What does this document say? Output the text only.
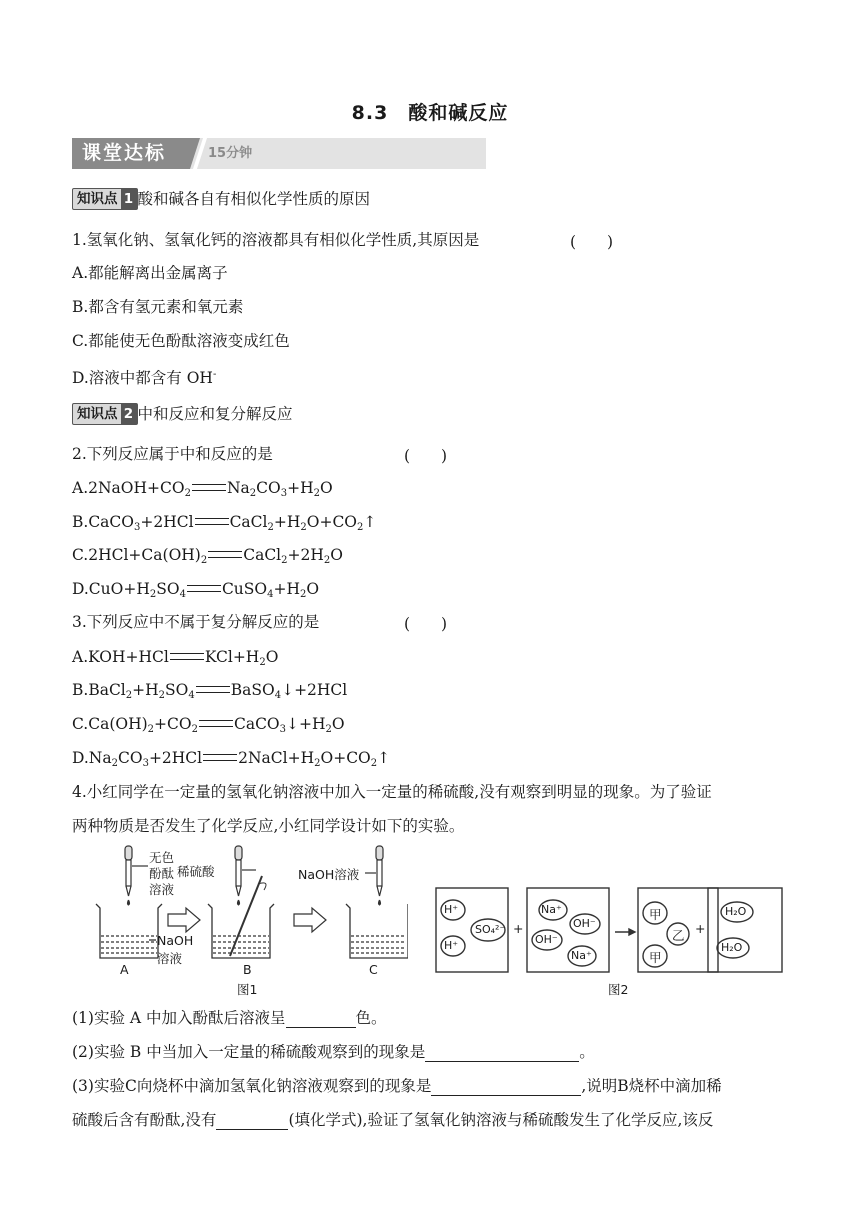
8.3　酸和碱反应
课堂达标	15分钟
知识点 1 酸和碱各自有相似化学性质的原因
1.氢氧化钠、氢氧化钙的溶液都具有相似化学性质,其原因是	(　　)
A.都能解离出金属离子
B.都含有氢元素和氧元素
C.都能使无色酚酞溶液变成红色
D.溶液中都含有 OH-
知识点 2 中和反应和复分解反应
2.下列反应属于中和反应的是	(　　)
$A.2NaOH+CO_2$ $Na_2CO_3+H_2O$
B.CaCO$_3$+2HCl $CaCl_2+H_2O+CO_2↑$
$C.2HCl+Ca(OH)_2$ $CaCl_2+2H_2O$
$D.CuO+H_2SO_4$ $CuSO_4+H_2O$
3.下列反应中不属于复分解反应的是	(　　)
A.KOH+HCl $KCl+H_2O$
$B.BaCl_2+H_2SO_4$ BaSO$_4$↓+2HCl
$C.Ca(OH)_2+CO_2$ $CaCO_3↓+H_2O$
$D.Na_2CO_3+2HCl$ $2NaCl+H_2O+CO_2↑$
4.小红同学在一定量的氢氧化钠溶液中加入一定量的稀硫酸,没有观察到明显的现象。为了验证
两种物质是否发生了化学反应,小红同学设计如下的实验。
无色
酚酞
溶液
稀硫酸	NaOH溶液
NaOH
溶液
A	B	C
图1
H⁺
H⁺
SO₄²⁻ +
Na⁺
OH⁻
OH⁻
Na⁺
甲
乙
甲
+
H₂O
H₂O
图2
(1)实验 A 中加入酚酞后溶液呈	色。
(2)实验 B 中当加入一定量的稀硫酸观察到的现象是	。
(3)实验C向烧杯中滴加氢氧化钠溶液观察到的现象是	,说明B烧杯中滴加稀
硫酸后含有酚酞,没有	(填化学式),验证了氢氧化钠溶液与稀硫酸发生了化学反应,该反
